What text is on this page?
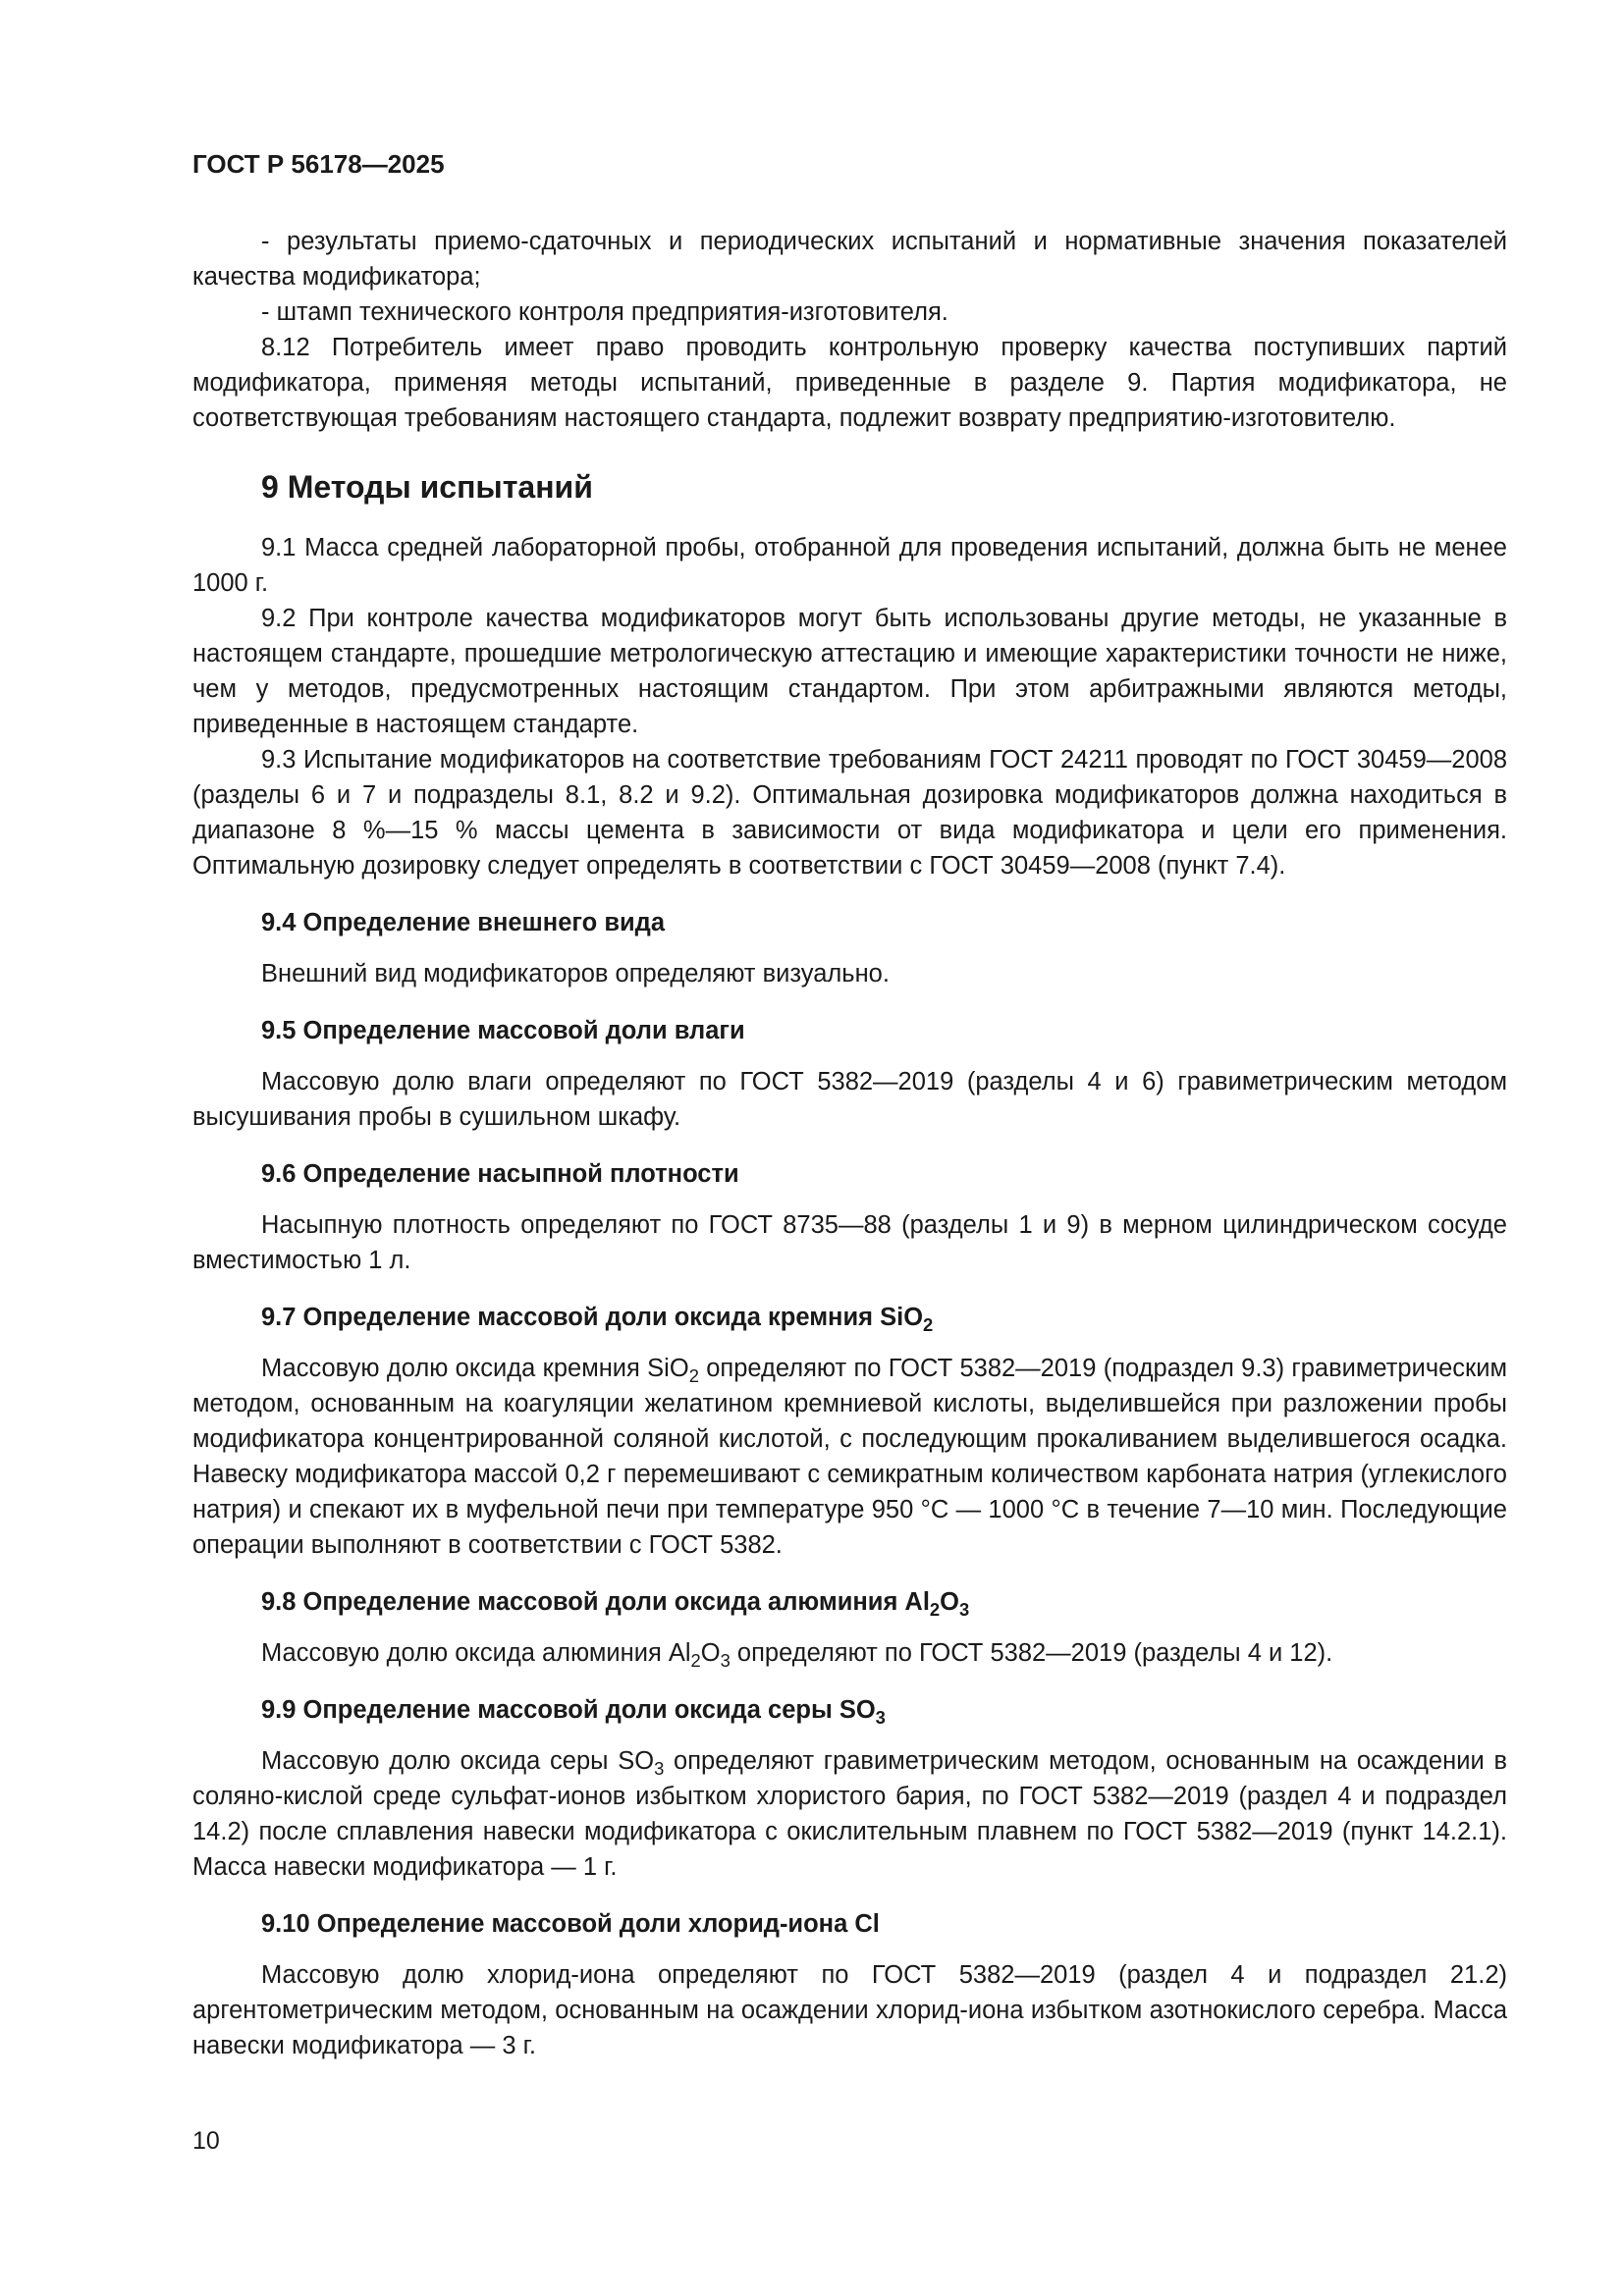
ГОСТ Р 56178—2025

- результаты приемо-сдаточных и периодических испытаний и нормативные значения показателей качества модификатора;

- штамп технического контроля предприятия-изготовителя.

8.12 Потребитель имеет право проводить контрольную проверку качества поступивших партий модификатора, применяя методы испытаний, приведенные в разделе 9. Партия модификатора, не соответствующая требованиям настоящего стандарта, подлежит возврату предприятию-изготовителю.

9 Методы испытаний

9.1 Масса средней лабораторной пробы, отобранной для проведения испытаний, должна быть не менее 1000 г.

9.2 При контроле качества модификаторов могут быть использованы другие методы, не указанные в настоящем стандарте, прошедшие метрологическую аттестацию и имеющие характеристики точности не ниже, чем у методов, предусмотренных настоящим стандартом. При этом арбитражными являются методы, приведенные в настоящем стандарте.

9.3 Испытание модификаторов на соответствие требованиям ГОСТ 24211 проводят по ГОСТ 30459—2008 (разделы 6 и 7 и подразделы 8.1, 8.2 и 9.2). Оптимальная дозировка модификаторов должна находиться в диапазоне 8 %—15 % массы цемента в зависимости от вида модификатора и цели его применения. Оптимальную дозировку следует определять в соответствии с ГОСТ 30459—2008 (пункт 7.4).

9.4 Определение внешнего вида

Внешний вид модификаторов определяют визуально.

9.5 Определение массовой доли влаги

Массовую долю влаги определяют по ГОСТ 5382—2019 (разделы 4 и 6) гравиметрическим методом высушивания пробы в сушильном шкафу.

9.6 Определение насыпной плотности

Насыпную плотность определяют по ГОСТ 8735—88 (разделы 1 и 9) в мерном цилиндрическом сосуде вместимостью 1 л.

9.7 Определение массовой доли оксида кремния SiO$_2$

Массовую долю оксида кремния SiO$_2$ определяют по ГОСТ 5382—2019 (подраздел 9.3) гравиметрическим методом, основанным на коагуляции желатином кремниевой кислоты, выделившейся при разложении пробы модификатора концентрированной соляной кислотой, с последующим прокаливанием выделившегося осадка. Навеску модификатора массой 0,2 г перемешивают с семикратным количеством карбоната натрия (углекислого натрия) и спекают их в муфельной печи при температуре 950 °С — 1000 °С в течение 7—10 мин. Последующие операции выполняют в соответствии с ГОСТ 5382.

9.8 Определение массовой доли оксида алюминия $Al_2O_3$

Массовую долю оксида алюминия $Al_2O_3$ определяют по ГОСТ 5382—2019 (разделы 4 и 12).

9.9 Определение массовой доли оксида серы $SO_3$

Массовую долю оксида серы $SO_3$ определяют гравиметрическим методом, основанным на осаждении в соляно-кислой среде сульфат-ионов избытком хлористого бария, по ГОСТ 5382—2019 (раздел 4 и подраздел 14.2) после сплавления навески модификатора с окислительным плавнем по ГОСТ 5382—2019 (пункт 14.2.1). Масса навески модификатора — 1 г.

9.10 Определение массовой доли хлорид-иона Cl

Массовую долю хлорид-иона определяют по ГОСТ 5382—2019 (раздел 4 и подраздел 21.2) аргентометрическим методом, основанным на осаждении хлорид-иона избытком азотнокислого серебра. Масса навески модификатора — 3 г.

10
